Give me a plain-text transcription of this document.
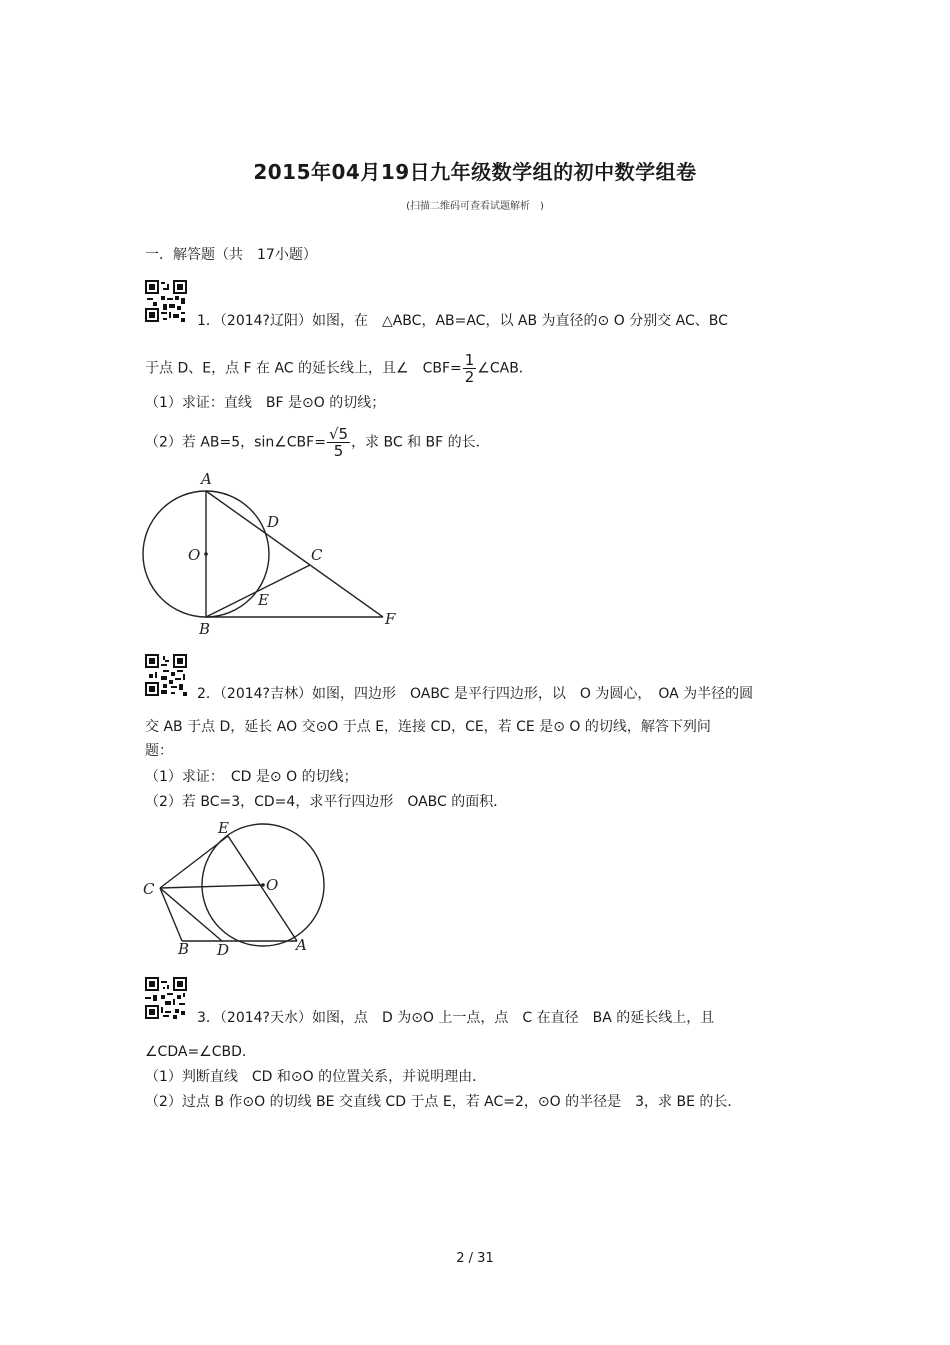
2015年04月19日九年级数学组的初中数学组卷
(扫描二维码可查看试题解析　)
一．解答题（共　17小题）
1．（2014?辽阳）如图，在　△ABC，AB=AC，以 AB 为直径的⊙ O 分别交 AC、BC
于点 D、E，点 F 在 AC 的延长线上，且∠　$CBF= \frac{1}{2}$ ∠CAB．
（1）求证：直线　BF 是⊙O 的切线；
（2）若 AB=5，sin∠CBF= $\frac{√5}{5}$ ，求 BC 和 BF 的长．
A
O
D
C
E
B
F
2．（2014?吉林）如图，四边形　OABC 是平行四边形，以　O 为圆心，　OA 为半径的圆
交 AB 于点 D，延长 AO 交⊙O 于点 E，连接 CD，CE，若 CE 是⊙ O 的切线，解答下列问
题：
（1）求证：　CD 是⊙ O 的切线；
（2）若 BC=3，CD=4，求平行四边形　OABC 的面积．
E
O
C
B D	A
3．（2014?天水）如图，点　D 为⊙O 上一点，点　C 在直径　BA 的延长线上，且
∠CDA=∠CBD．
（1）判断直线　CD 和⊙O 的位置关系，并说明理由．
（2）过点 B 作⊙O 的切线 BE 交直线 CD 于点 E，若 AC=2，⊙O 的半径是　3，求 BE 的长．
2 / 31
